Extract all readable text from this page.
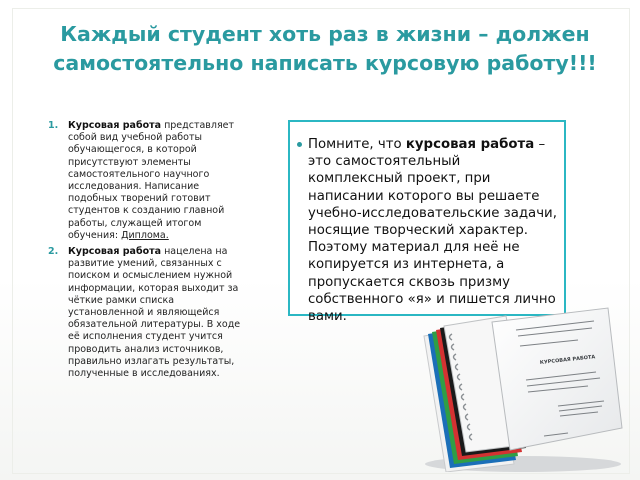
Каждый студент хоть раз в жизни – должен самостоятельно написать курсовую работу!!!
1. Курсовая работа представляет собой вид учебной работы обучающегося, в которой присутствуют элементы самостоятельного научного исследования. Написание подобных творений готовит студентов к созданию главной работы, служащей итогом обучения: Диплома.
2. Курсовая работа нацелена на развитие умений, связанных с поиском и осмыслением нужной информации, которая выходит за чёткие рамки списка установленной и являющейся обязательной литературы. В ходе её исполнения студент учится проводить анализ источников, правильно излагать результаты, полученные в исследованиях.
Помните, что курсовая работа – это самостоятельный комплексный проект, при написании которого вы решаете учебно-исследовательские задачи, носящие творческий характер. Поэтому материал для неё не копируется из интернета, а пропускается сквозь призму собственного «я» и пишется лично вами.
КУРСОВАЯ РАБОТА
